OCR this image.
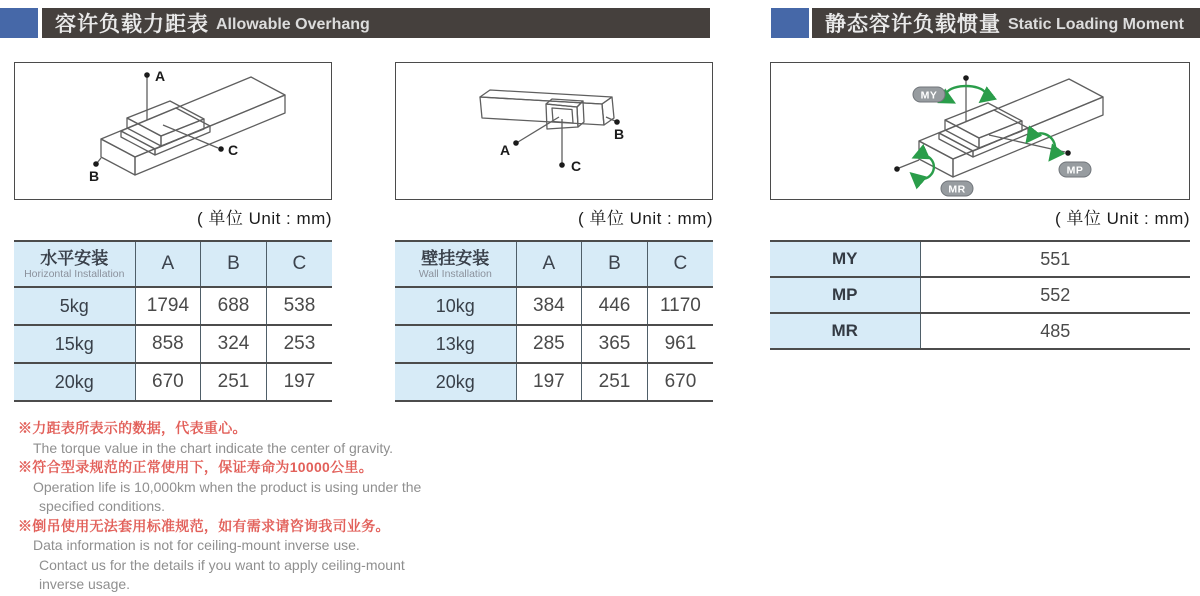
容许负载力距表 Allowable Overhang	静态容许负载惯量 Static Loading Moment
A
C
B
( 单位 Unit : mm)
A
B
C
( 单位 Unit : mm)
MY
MP
MR
( 单位 Unit : mm)
水平安装
Horizontal Installation	A	B	C
5kg	1794	688	538
15kg	858	324	253
20kg	670	251	197
壁挂安装
Wall Installation	A	B	C
10kg	384	446	1170
13kg	285	365	961
20kg	197	251	670
MY	551
MP	552
MR	485
※力距表所表示的数据，代表重心。
The torque value in the chart indicate the center of gravity.
※符合型录规范的正常使用下，保证寿命为10000公里。
Operation life is 10,000km when the product is using under the
specified conditions.
※倒吊使用无法套用标准规范，如有需求请咨询我司业务。
Data information is not for ceiling-mount inverse use.
Contact us for the details if you want to apply ceiling-mount
inverse usage.
